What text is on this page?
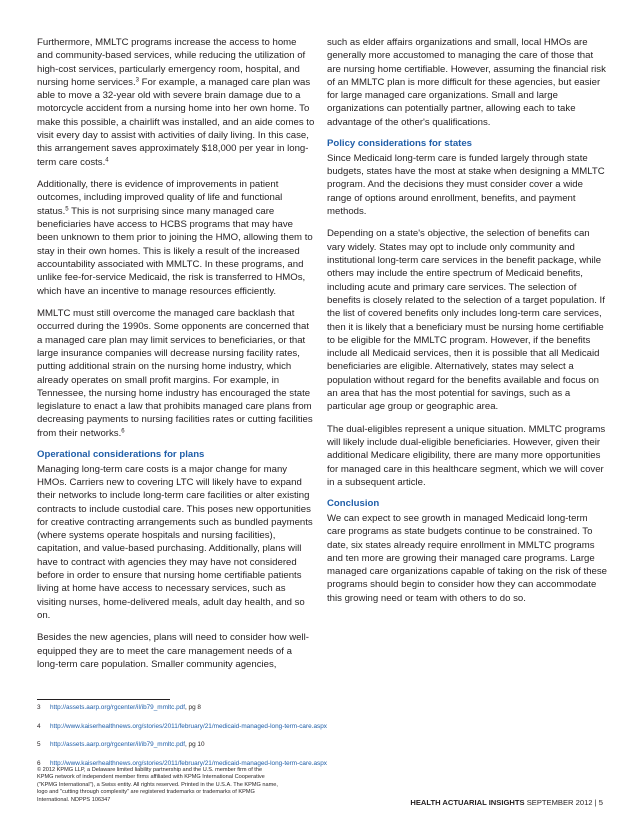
Furthermore, MMLTC programs increase the access to home and community-based services, while reducing the utilization of high-cost services, particularly emergency room, hospital, and nursing home services.$^3$ For example, a managed care plan was able to move a 32-year old with severe brain damage due to a motorcycle accident from a nursing home into her own home. To make this possible, a chairlift was installed, and an aide comes to visit every day to assist with activities of daily living. In this case, this arrangement saves approximately $18,000 per year in long-term care costs.$^4$

Additionally, there is evidence of improvements in patient outcomes, including improved quality of life and functional status.$^5$ This is not surprising since many managed care beneficiaries have access to HCBS programs that may have been unknown to them prior to joining the HMO, allowing them to stay in their own homes. This is likely a result of the increased accountability associated with MMLTC. In these programs, and unlike fee-for-service Medicaid, the risk is transferred to HMOs, which have an incentive to manage resources efficiently.

MMLTC must still overcome the managed care backlash that occurred during the 1990s. Some opponents are concerned that a managed care plan may limit services to beneficiaries, or that large insurance companies will decrease nursing facility rates, putting additional strain on the nursing home industry, which already operates on small profit margins. For example, in Tennessee, the nursing home industry has encouraged the state legislature to enact a law that prohibits managed care plans from decreasing payments to nursing facilities rates or cutting facilities from their networks.$^6$

Operational considerations for plans

Managing long-term care costs is a major change for many HMOs. Carriers new to covering LTC will likely have to expand their networks to include long-term care facilities or alter existing contracts to include custodial care. This poses new opportunities for creative contracting arrangements such as bundled payments (where systems operate hospitals and nursing facilities), capitation, and value-based purchasing. Additionally, plans will have to contract with agencies they may have not considered before in order to ensure that nursing home certifiable patients living at home have access to necessary services, such as visiting nurses, home-delivered meals, adult day health, and so on.

Besides the new agencies, plans will need to consider how well-equipped they are to meet the care management needs of a long-term care population. Smaller community agencies,

such as elder affairs organizations and small, local HMOs are generally more accustomed to managing the care of those that are nursing home certifiable. However, assuming the financial risk of an MMLTC plan is more difficult for these agencies, but easier for large managed care organizations. Small and large organizations can potentially partner, allowing each to take advantage of the other's qualifications.

Policy considerations for states

Since Medicaid long-term care is funded largely through state budgets, states have the most at stake when designing a MMLTC program. And the decisions they must consider cover a wide range of options around enrollment, benefits, and payment methods.

Depending on a state's objective, the selection of benefits can vary widely. States may opt to include only community and institutional long-term care services in the benefit package, while others may include the entire spectrum of Medicaid benefits, including acute and primary care services. The selection of benefits is closely related to the selection of a target population. If the list of covered benefits only includes long-term care services, then it is likely that a beneficiary must be nursing home certifiable to be eligible for the MMLTC program. However, if the benefits include all Medicaid services, then it is possible that all Medicaid beneficiaries are eligible. Alternatively, states may select a population without regard for the benefits available and focus on an area that has the most potential for savings, such as a particular age group or geographic area.

The dual-eligibles represent a unique situation. MMLTC programs will likely include dual-eligible beneficiaries. However, given their additional Medicare eligibility, there are many more opportunities for managed care in this healthcare segment, which we will cover in a subsequent article.

Conclusion

We can expect to see growth in managed Medicaid long-term care programs as state budgets continue to be constrained. To date, six states already require enrollment in MMLTC programs and ten more are growing their managed care programs. Large managed care organizations capable of taking on the risk of these programs should begin to consider how they can accommodate this growing need or team with others to do so.

3 http://assets.aarp.org/rgcenter/il/ib79_mmltc.pdf, pg 8
4 http://www.kaiserhealthnews.org/stories/2011/february/21/medicaid-managed-long-term-care.aspx
5 http://assets.aarp.org/rgcenter/il/ib79_mmltc.pdf, pg 10
6 http://www.kaiserhealthnews.org/stories/2011/february/21/medicaid-managed-long-term-care.aspx
© 2012 KPMG LLP, a Delaware limited liability partnership and the U.S. member firm of the
KPMG network of independent member firms affiliated with KPMG International Cooperative
("KPMG International"), a Swiss entity. All rights reserved. Printed in the U.S.A. The KPMG name,
logo and "cutting through complexity" are registered trademarks or trademarks of KPMG
International. NDPPS 106347	HEALTH ACTUARIAL INSIGHTS SEPTEMBER 2012 | 5
